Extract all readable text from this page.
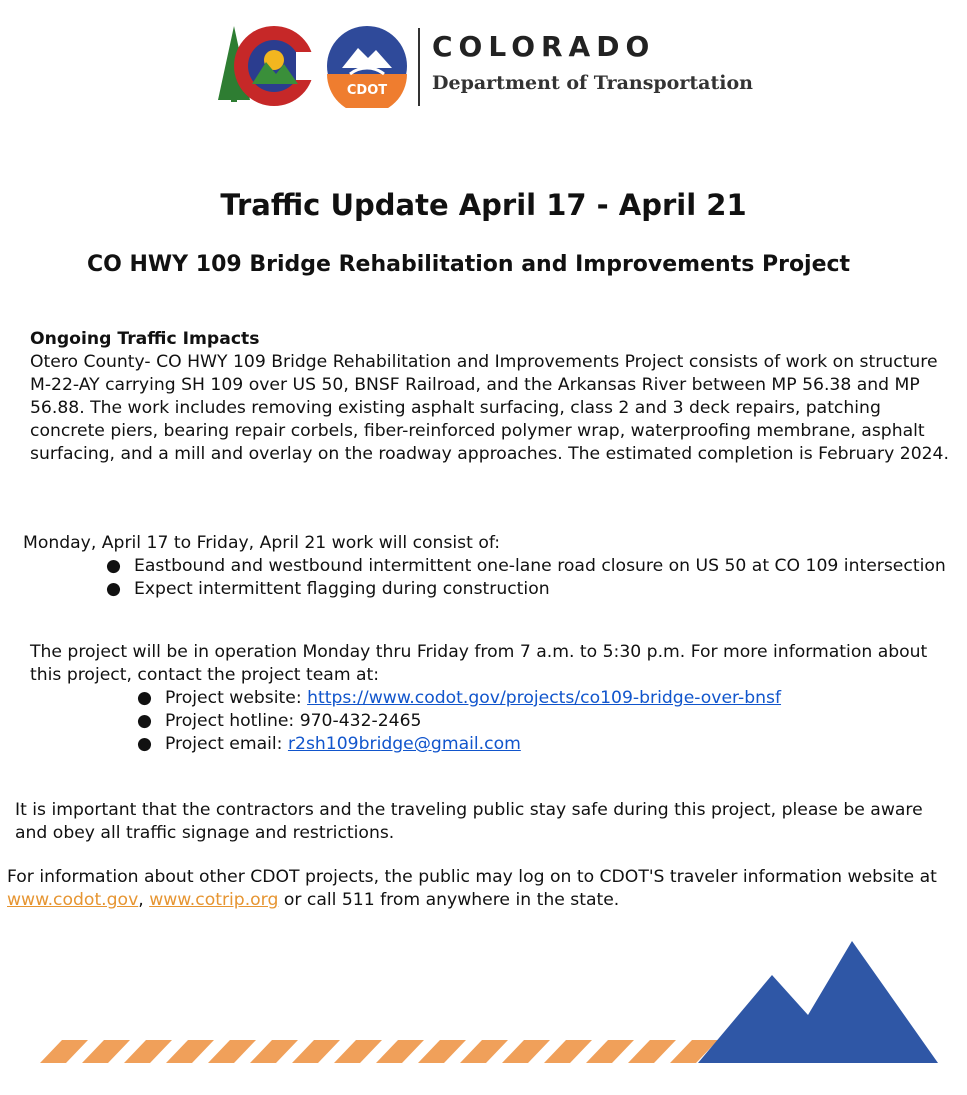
CDOT
COLORADO
Department of Transportation
Traffic Update April 17 - April 21
CO HWY 109 Bridge Rehabilitation and Improvements Project
Ongoing Traffic Impacts
Otero County- CO HWY 109 Bridge Rehabilitation and Improvements Project consists of work on structure M-22-AY carrying SH 109 over US 50, BNSF Railroad, and the Arkansas River between MP 56.38 and MP 56.88. The work includes removing existing asphalt surfacing, class 2 and 3 deck repairs, patching concrete piers, bearing repair corbels, fiber-reinforced polymer wrap, waterproofing membrane, asphalt surfacing, and a mill and overlay on the roadway approaches. The estimated completion is February 2024.
Monday, April 17 to Friday, April 21 work will consist of:
● Eastbound and westbound intermittent one-lane road closure on US 50 at CO 109 intersection
● Expect intermittent flagging during construction
The project will be in operation Monday thru Friday from 7 a.m. to 5:30 p.m. For more information about this project, contact the project team at:
● Project website: https://www.codot.gov/projects/co109-bridge-over-bnsf
● Project hotline: 970-432-2465
● Project email: r2sh109bridge@gmail.com
It is important that the contractors and the traveling public stay safe during this project, please be aware and obey all traffic signage and restrictions.
For information about other CDOT projects, the public may log on to CDOT'S traveler information website at www.codot.gov, www.cotrip.org or call 511 from anywhere in the state.
